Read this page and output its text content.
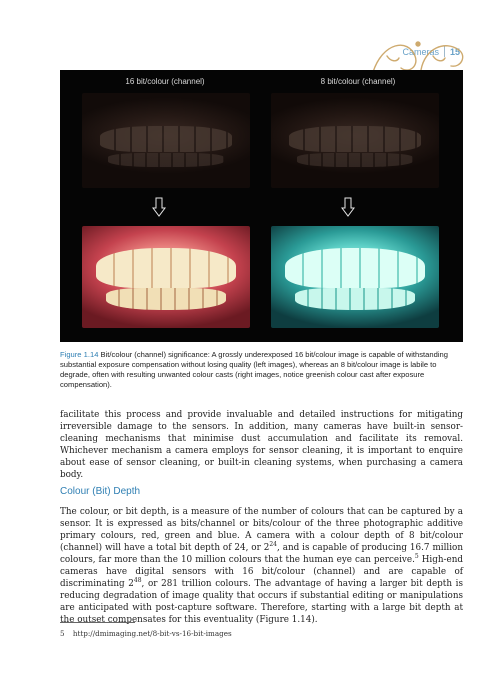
Cameras 15
16 bit/colour (channel)	8 bit/colour (channel)
Figure 1.14 Bit/colour (channel) significance: A grossly underexposed 16 bit/colour image is capable of withstanding substantial exposure compensation without losing quality (left images), whereas an 8 bit/colour image is labile to degrade, often with resulting unwanted colour casts (right images, notice greenish colour cast after exposure compensation).

facilitate this process and provide invaluable and detailed instructions for mitigating irreversible damage to the sensors. In addition, many cameras have built-in sensor-cleaning mechanisms that minimise dust accumulation and facilitate its removal. Whichever mechanism a camera employs for sensor cleaning, it is important to enquire about ease of sensor cleaning, or built-in cleaning systems, when purchasing a camera body.

Colour (Bit) Depth

The colour, or bit depth, is a measure of the number of colours that can be captured by a sensor. It is expressed as bits/channel or bits/colour of the three photographic additive primary colours, red, green and blue. A camera with a colour depth of 8 bit/colour (channel) will have a total bit depth of 24, or $2^{24}$, and is capable of producing 16.7 million colours, far more than the 10 million colours that the human eye can perceive.$^5$ High-end cameras have digital sensors with 16 bit/colour (channel) and are capable of discriminating $2^{48}$, or 281 trillion colours. The advantage of having a larger bit depth is reducing degradation of image quality that occurs if substantial editing or manipulations are anticipated with post-capture software. Therefore, starting with a large bit depth at the outset compensates for this eventuality (Figure 1.14).

5 http://dmimaging.net/8-bit-vs-16-bit-images
